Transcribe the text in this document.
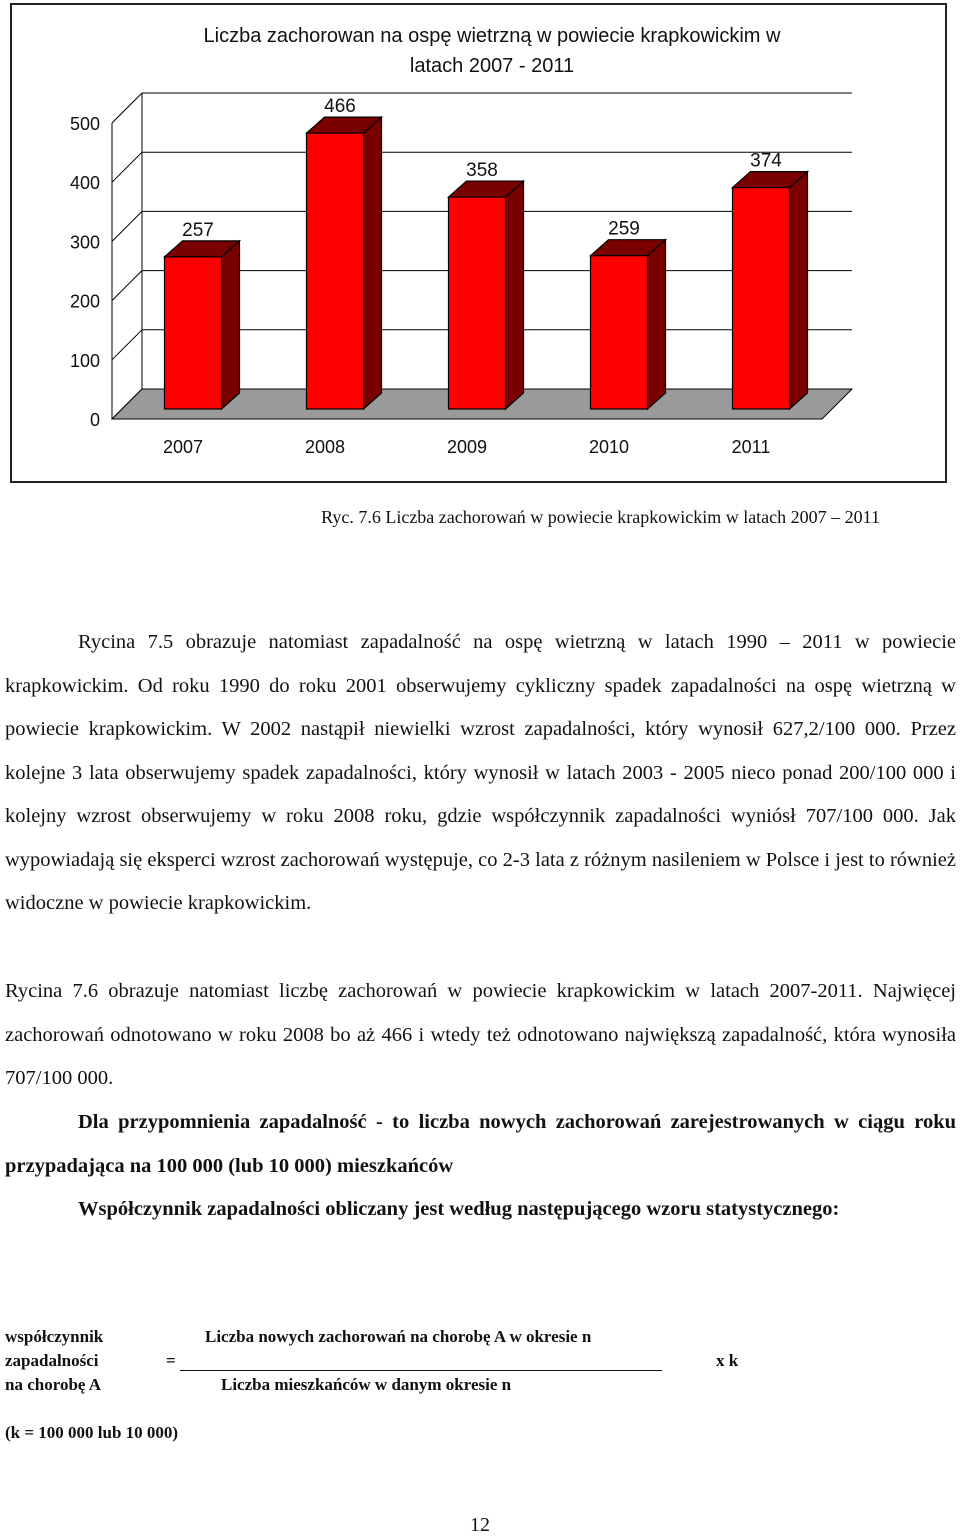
Liczba zachorowan na ospę wietrzną w powiecie krapkowickim w
latach 2007 - 2011
0
100
200
300
400
500
257
2007
466
2008
358
2009
259
2010
374
2011
Ryc. 7.6 Liczba zachorowań w powiecie krapkowickim w latach 2007 – 2011

Rycina 7.5 obrazuje natomiast zapadalność na ospę wietrzną w latach 1990 – 2011 w powiecie krapkowickim. Od roku 1990 do roku 2001 obserwujemy cykliczny spadek zapadalności na ospę wietrzną w powiecie krapkowickim. W 2002 nastąpił niewielki wzrost zapadalności, który wynosił 627,2/100 000. Przez kolejne 3 lata obserwujemy spadek zapadalności, który wynosił w latach 2003 - 2005 nieco ponad 200/100 000 i kolejny wzrost obserwujemy w roku 2008 roku, gdzie współczynnik zapadalności wyniósł 707/100 000. Jak wypowiadają się eksperci wzrost zachorowań występuje, co 2-3 lata z różnym nasileniem w Polsce i jest to również widoczne w powiecie krapkowickim.

Rycina 7.6 obrazuje natomiast liczbę zachorowań w powiecie krapkowickim w latach 2007-2011. Najwięcej zachorowań odnotowano w roku 2008 bo aż 466 i wtedy też odnotowano największą zapadalność, która wynosiła 707/100 000.

Dla przypomnienia zapadalność - to liczba nowych zachorowań zarejestrowanych w ciągu roku przypadająca na 100 000 (lub 10 000) mieszkańców

Współczynnik zapadalności obliczany jest według następującego wzoru statystycznego:

współczynnik
zapadalności
na chorobę A
=
Liczba nowych zachorowań na chorobę A w okresie n
Liczba mieszkańców w danym okresie n
x k
(k = 100 000 lub 10 000)
12
